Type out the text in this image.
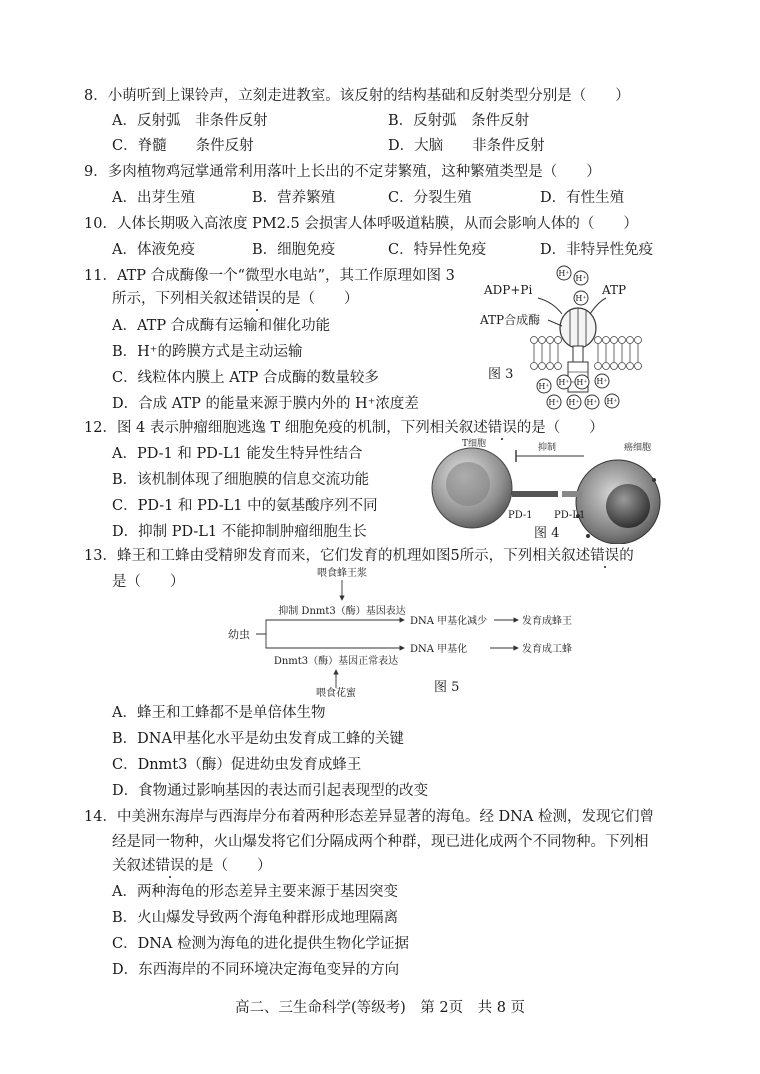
8．小萌听到上课铃声，立刻走进教室。该反射的结构基础和反射类型分别是（　　）
A．反射弧　非条件反射	B．反射弧　条件反射
C．脊髓　　条件反射	D．大脑　　非条件反射
9．多肉植物鸡冠掌通常利用落叶上长出的不定芽繁殖，这种繁殖类型是（　　）
A．出芽生殖	B．营养繁殖	C．分裂生殖	D．有性生殖
10．人体长期吸入高浓度 PM2.5 会损害人体呼吸道粘膜，从而会影响人体的（　　）
A．体液免疫	B．细胞免疫	C．特异性免疫	D．非特异性免疫
11．ATP 合成酶像一个“微型水电站”，其工作原理如图 3
所示，下列相关叙述错误的是（　　）
A．ATP 合成酶有运输和催化功能
B．H⁺的跨膜方式是主动运输
C．线粒体内膜上 ATP 合成酶的数量较多
D．合成 ATP 的能量来源于膜内外的 H⁺浓度差
H⁺
H⁺
H⁺
ADP+Pi	ATP
ATP合成酶
图 3
H⁺ H⁺ H⁺ H⁺
H⁺ H⁺ H⁺ H⁺
12．图 4 表示肿瘤细胞逃逸 T 细胞免疫的机制，下列相关叙述错误的是（　　）
A．PD-1 和 PD-L1 能发生特异性结合
B．该机制体现了细胞膜的信息交流功能
C．PD-1 和 PD-L1 中的氨基酸序列不同
D．抑制 PD-L1 不能抑制肿瘤细胞生长
T细胞	抑制	癌细胞
PD-1 PD-L1
图 4
13．蜂王和工蜂由受精卵发育而来，它们发育的机理如图5所示，下列相关叙述错误的
是（　　）
喂食蜂王浆
抑制 Dnmt3（酶）基因表达
幼虫
DNA 甲基化减少	发育成蜂王
DNA 甲基化	发育成工蜂
Dnmt3（酶）基因正常表达
喂食花蜜	图 5
A．蜂王和工蜂都不是单倍体生物
B．DNA甲基化水平是幼虫发育成工蜂的关键
C．Dnmt3（酶）促进幼虫发育成蜂王
D．食物通过影响基因的表达而引起表现型的改变
14．中美洲东海岸与西海岸分布着两种形态差异显著的海龟。经 DNA 检测，发现它们曾
经是同一物种，火山爆发将它们分隔成两个种群，现已进化成两个不同物种。下列相
关叙述错误的是（　　）
A．两种海龟的形态差异主要来源于基因突变
B．火山爆发导致两个海龟种群形成地理隔离
C．DNA 检测为海龟的进化提供生物化学证据
D．东西海岸的不同环境决定海龟变异的方向
高二、三生命科学(等级考)　第 2页　共 8 页
